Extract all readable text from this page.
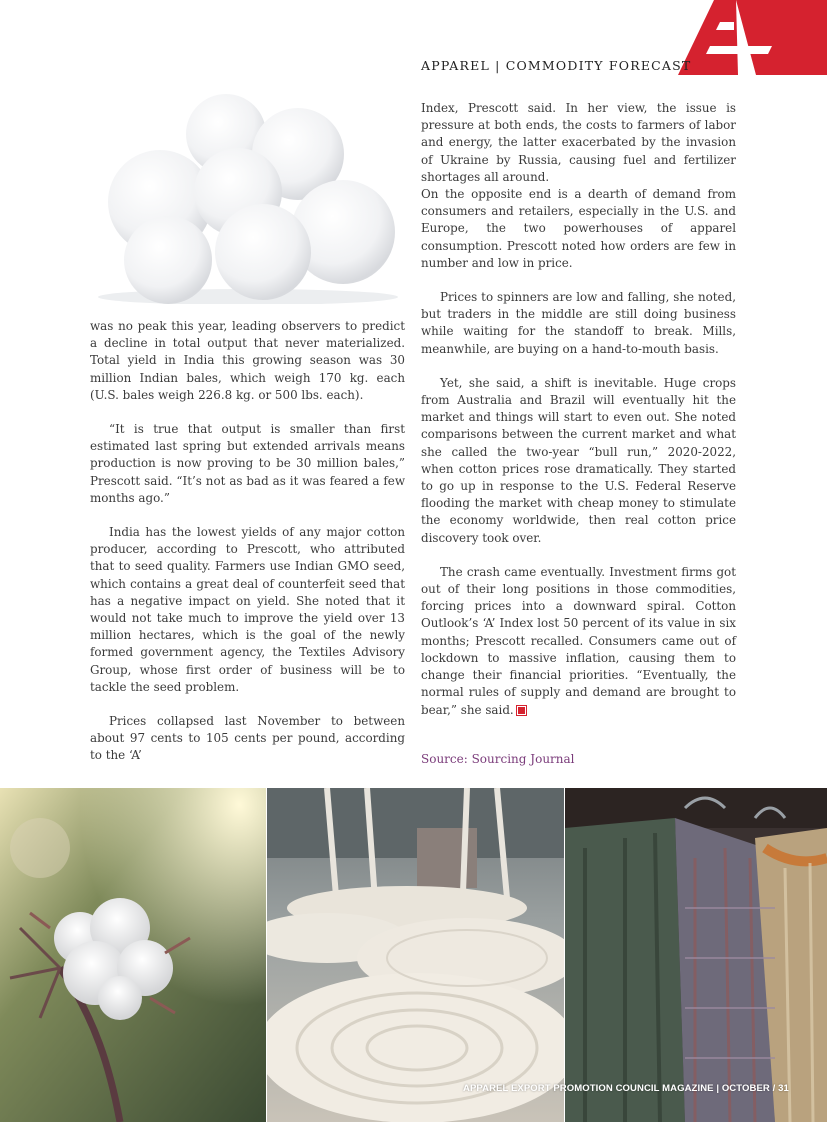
APPAREL | COMMODITY FORECAST

was no peak this year, leading observers to predict a decline in total output that never materialized. Total yield in India this growing season was 30 million Indian bales, which weigh 170 kg. each (U.S. bales weigh 226.8 kg. or 500 lbs. each).

“It is true that output is smaller than first estimated last spring but extended arrivals means production is now proving to be 30 million bales,” Prescott said. “It’s not as bad as it was feared a few months ago.”

India has the lowest yields of any major cotton producer, according to Prescott, who attributed that to seed quality. Farmers use Indian GMO seed, which contains a great deal of counterfeit seed that has a negative impact on yield. She noted that it would not take much to improve the yield over 13 million hectares, which is the goal of the newly formed government agency, the Textiles Advisory Group, whose first order of business will be to tackle the seed problem.

Prices collapsed last November to between about 97 cents to 105 cents per pound, according to the ‘A’

Index, Prescott said. In her view, the issue is pressure at both ends, the costs to farmers of labor and energy, the latter exacerbated by the invasion of Ukraine by Russia, causing fuel and fertilizer shortages all around.

On the opposite end is a dearth of demand from consumers and retailers, especially in the U.S. and Europe, the two powerhouses of apparel consumption. Prescott noted how orders are few in number and low in price.

Prices to spinners are low and falling, she noted, but traders in the middle are still doing business while waiting for the standoff to break. Mills, meanwhile, are buying on a hand-to-mouth basis.

Yet, she said, a shift is inevitable. Huge crops from Australia and Brazil will eventually hit the market and things will start to even out. She noted comparisons between the current market and what she called the two-year “bull run,” 2020-2022, when cotton prices rose dramatically. They started to go up in response to the U.S. Federal Reserve flooding the market with cheap money to stimulate the economy worldwide, then real cotton price discovery took over.

The crash came eventually. Investment firms got out of their long positions in those commodities, forcing prices into a downward spiral. Cotton Outlook’s ‘A’ Index lost 50 percent of its value in six months; Prescott recalled. Consumers came out of lockdown to massive inflation, causing them to change their financial priorities. “Eventually, the normal rules of supply and demand are brought to bear,” she said.

Source: Sourcing Journal
APPAREL EXPORT PROMOTION COUNCIL MAGAZINE | OCTOBER / 31
